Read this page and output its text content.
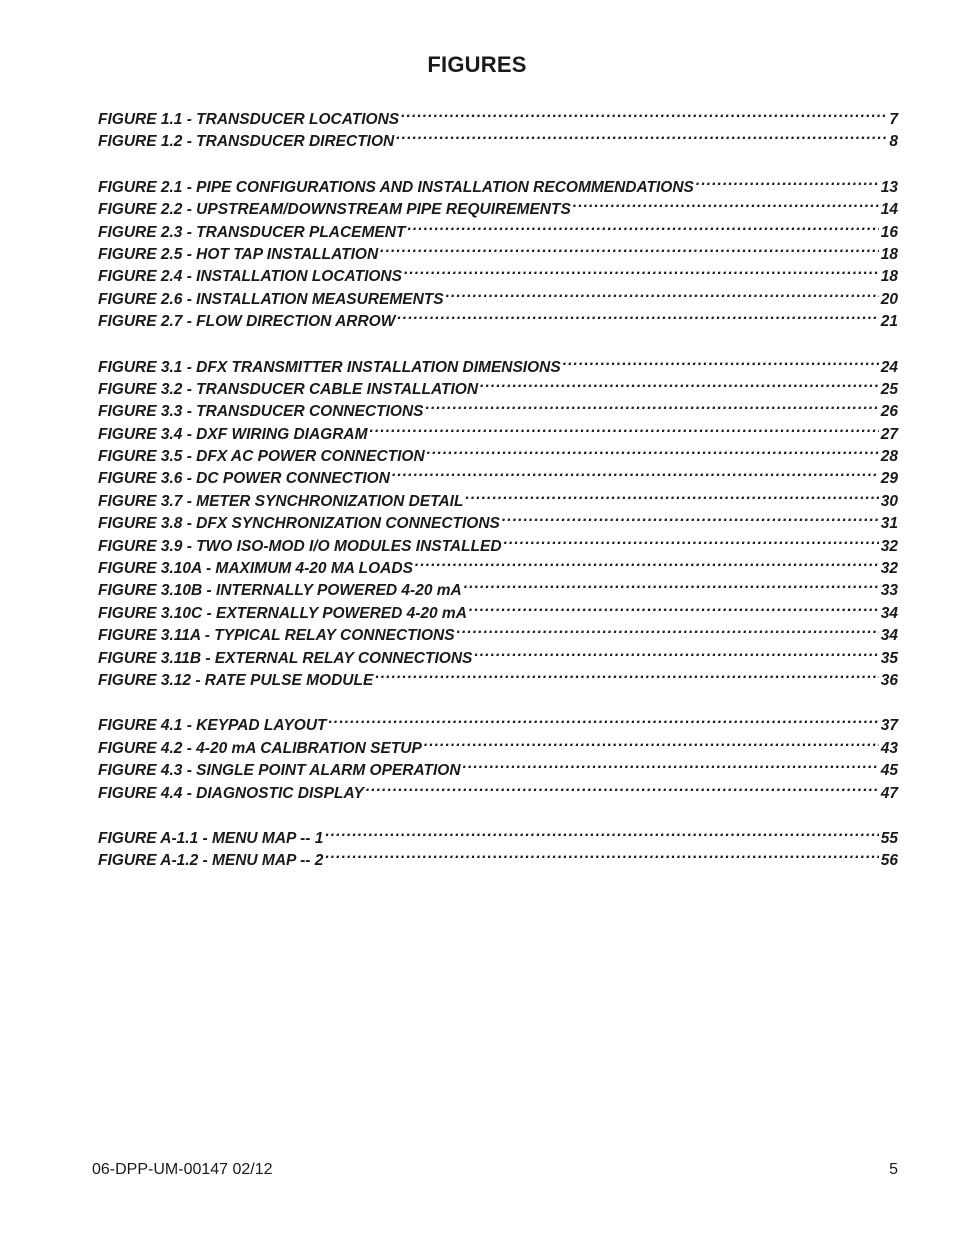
FIGURES
FIGURE 1.1 - TRANSDUCER LOCATIONS .....	7
FIGURE 1.2 - TRANSDUCER DIRECTION .....	8
FIGURE 2.1 - PIPE CONFIGURATIONS AND INSTALLATION RECOMMENDATIONS .....	13
FIGURE 2.2 - UPSTREAM/DOWNSTREAM PIPE REQUIREMENTS .....	14
FIGURE 2.3 - TRANSDUCER PLACEMENT .....	16
FIGURE 2.5 - HOT TAP INSTALLATION .....	18
FIGURE 2.4 - INSTALLATION LOCATIONS .....	18
FIGURE 2.6 - INSTALLATION MEASUREMENTS .....	20
FIGURE 2.7 - FLOW DIRECTION ARROW .....	21
FIGURE 3.1 - DFX TRANSMITTER INSTALLATION DIMENSIONS .....	24
FIGURE 3.2 - TRANSDUCER CABLE INSTALLATION .....	25
FIGURE 3.3 - TRANSDUCER CONNECTIONS .....	26
FIGURE 3.4 - DXF WIRING DIAGRAM .....	27
FIGURE 3.5 - DFX AC POWER CONNECTION .....	28
FIGURE 3.6 - DC POWER CONNECTION .....	29
FIGURE 3.7 - METER SYNCHRONIZATION DETAIL .....	30
FIGURE 3.8 - DFX SYNCHRONIZATION CONNECTIONS .....	31
FIGURE 3.9 - TWO ISO-MOD I/O MODULES INSTALLED .....	32
FIGURE 3.10A - MAXIMUM 4-20 MA LOADS .....	32
FIGURE 3.10B - INTERNALLY POWERED 4-20 mA .....	33
FIGURE 3.10C - EXTERNALLY POWERED 4-20 mA .....	34
FIGURE 3.11A - TYPICAL RELAY CONNECTIONS .....	34
FIGURE 3.11B - EXTERNAL RELAY CONNECTIONS .....	35
FIGURE 3.12 - RATE PULSE MODULE .....	36
FIGURE 4.1 - KEYPAD LAYOUT .....	37
FIGURE 4.2 - 4-20 mA CALIBRATION SETUP .....	43
FIGURE 4.3 - SINGLE POINT ALARM OPERATION .....	45
FIGURE 4.4 - DIAGNOSTIC DISPLAY .....	47
FIGURE A-1.1 - MENU MAP -- 1 .....	55
FIGURE A-1.2 - MENU MAP -- 2 .....	56
06-DPP-UM-00147 02/12	5
